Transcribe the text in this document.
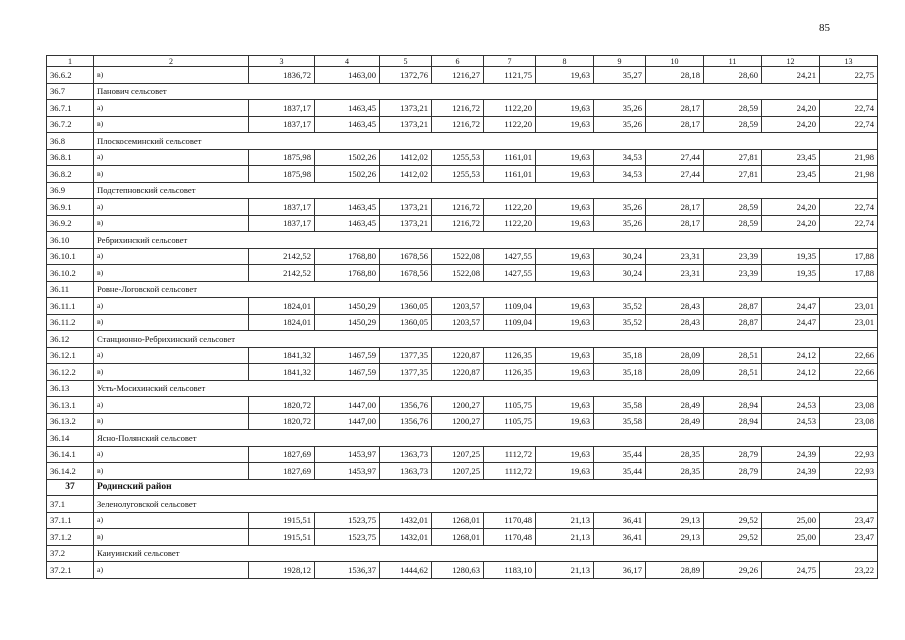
85
1	2	3	4	5	6	7	8	9	10	11	12	13
36.6.2	в)	1836,72	1463,00	1372,76	1216,27	1121,75	19,63	35,27	28,18	28,60	24,21	22,75
36.7	Панович сельсовет											
36.7.1	а)	1837,17	1463,45	1373,21	1216,72	1122,20	19,63	35,26	28,17	28,59	24,20	22,74
36.7.2	в)	1837,17	1463,45	1373,21	1216,72	1122,20	19,63	35,26	28,17	28,59	24,20	22,74
36.8	Плоскосеминский сельсовет											
36.8.1	а)	1875,98	1502,26	1412,02	1255,53	1161,01	19,63	34,53	27,44	27,81	23,45	21,98
36.8.2	в)	1875,98	1502,26	1412,02	1255,53	1161,01	19,63	34,53	27,44	27,81	23,45	21,98
36.9	Подстепновский сельсовет											
36.9.1	а)	1837,17	1463,45	1373,21	1216,72	1122,20	19,63	35,26	28,17	28,59	24,20	22,74
36.9.2	в)	1837,17	1463,45	1373,21	1216,72	1122,20	19,63	35,26	28,17	28,59	24,20	22,74
36.10	Ребрихинский сельсовет											
36.10.1	а)	2142,52	1768,80	1678,56	1522,08	1427,55	19,63	30,24	23,31	23,39	19,35	17,88
36.10.2	в)	2142,52	1768,80	1678,56	1522,08	1427,55	19,63	30,24	23,31	23,39	19,35	17,88
36.11	Ровне-Логовской сельсовет											
36.11.1	а)	1824,01	1450,29	1360,05	1203,57	1109,04	19,63	35,52	28,43	28,87	24,47	23,01
36.11.2	в)	1824,01	1450,29	1360,05	1203,57	1109,04	19,63	35,52	28,43	28,87	24,47	23,01
36.12	Станционно-Ребрихинский сельсовет											
36.12.1	а)	1841,32	1467,59	1377,35	1220,87	1126,35	19,63	35,18	28,09	28,51	24,12	22,66
36.12.2	в)	1841,32	1467,59	1377,35	1220,87	1126,35	19,63	35,18	28,09	28,51	24,12	22,66
36.13	Усть-Мосихинский сельсовет											
36.13.1	а)	1820,72	1447,00	1356,76	1200,27	1105,75	19,63	35,58	28,49	28,94	24,53	23,08
36.13.2	в)	1820,72	1447,00	1356,76	1200,27	1105,75	19,63	35,58	28,49	28,94	24,53	23,08
36.14	Ясно-Полянский сельсовет											
36.14.1	а)	1827,69	1453,97	1363,73	1207,25	1112,72	19,63	35,44	28,35	28,79	24,39	22,93
36.14.2	в)	1827,69	1453,97	1363,73	1207,25	1112,72	19,63	35,44	28,35	28,79	24,39	22,93
37	Родинский район											
37.1	Зеленолуговской сельсовет											
37.1.1	а)	1915,51	1523,75	1432,01	1268,01	1170,48	21,13	36,41	29,13	29,52	25,00	23,47
37.1.2	в)	1915,51	1523,75	1432,01	1268,01	1170,48	21,13	36,41	29,13	29,52	25,00	23,47
37.2	Каиуинский сельсовет											
37.2.1	а)	1928,12	1536,37	1444,62	1280,63	1183,10	21,13	36,17	28,89	29,26	24,75	23,22
